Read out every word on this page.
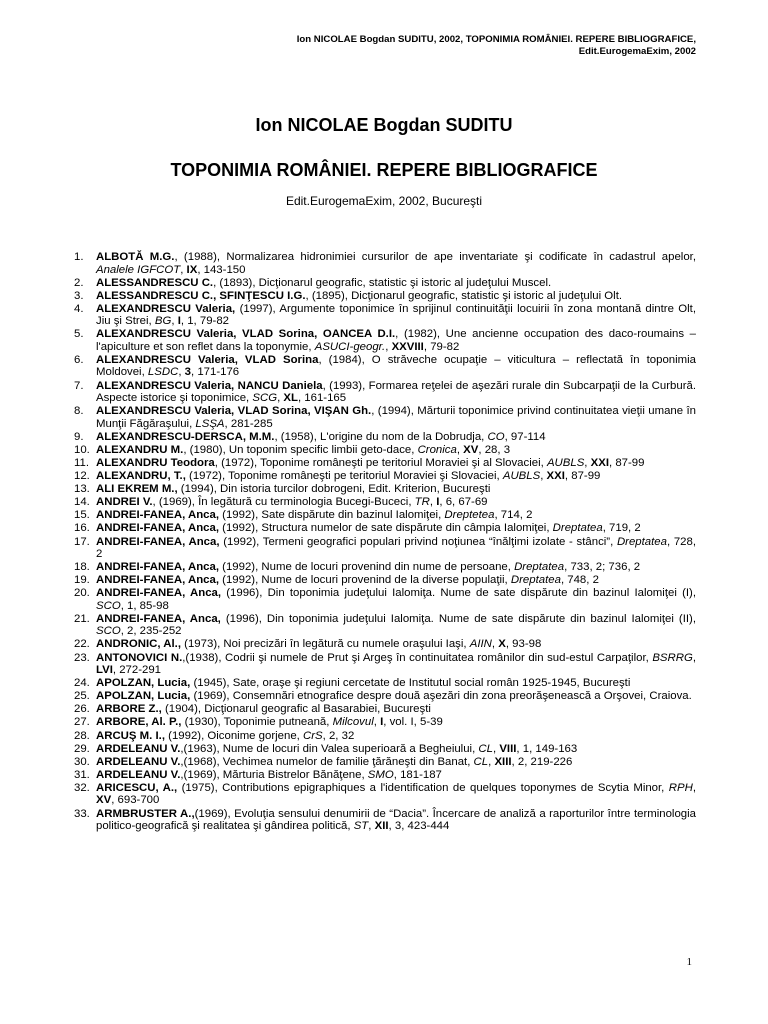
Ion NICOLAE Bogdan SUDITU, 2002, TOPONIMIA ROMÂNIEI. REPERE BIBLIOGRAFICE,
Edit.EurogemaExim, 2002
Ion NICOLAE Bogdan SUDITU
TOPONIMIA ROMÂNIEI. REPERE BIBLIOGRAFICE
Edit.EurogemaExim, 2002, Bucureşti
1. ALBOTĂ M.G., (1988), Normalizarea hidronimiei cursurilor de ape inventariate şi codificate în cadastrul apelor, Analele IGFCOT, IX, 143-150
2. ALESSANDRESCU C., (1893), Dicţionarul geografic, statistic şi istoric al judeţului Muscel.
3. ALESSANDRESCU C., SFINŢESCU I.G., (1895), Dicţionarul geografic, statistic şi istoric al judeţului Olt.
4. ALEXANDRESCU Valeria, (1997), Argumente toponimice în sprijinul continuităţii locuirii în zona montană dintre Olt, Jiu şi Strei, BG, I, 1, 79-82
5. ALEXANDRESCU Valeria, VLAD Sorina, OANCEA D.I., (1982), Une ancienne occupation des daco-roumains – l'apiculture et son reflet dans la toponymie, ASUCI-geogr., XXVIII, 79-82
6. ALEXANDRESCU Valeria, VLAD Sorina, (1984), O străveche ocupaţie – viticultura – reflectată în toponimia Moldovei, LSDC, 3, 171-176
7. ALEXANDRESCU Valeria, NANCU Daniela, (1993), Formarea reţelei de aşezări rurale din Subcarpaţii de la Curbură. Aspecte istorice şi toponimice, SCG, XL, 161-165
8. ALEXANDRESCU Valeria, VLAD Sorina, VIŞAN Gh., (1994), Mărturii toponimice privind continuitatea vieţii umane în Munţii Făgăraşului, LSŞA, 281-285
9. ALEXANDRESCU-DERSCA, M.M., (1958), L'origine du nom de la Dobrudja, CO, 97-114
10. ALEXANDRU M., (1980), Un toponim specific limbii geto-dace, Cronica, XV, 28, 3
11. ALEXANDRU Teodora, (1972), Toponime româneşti pe teritoriul Moraviei şi al Slovaciei, AUBLS, XXI, 87-99
12. ALEXANDRU, T., (1972), Toponime româneşti pe teritoriul Moraviei şi Slovaciei, AUBLS, XXI, 87-99
13. ALI EKREM M., (1994), Din istoria turcilor dobrogeni, Edit. Kriterion, Bucureşti
14. ANDREI V., (1969), În legătură cu terminologia Bucegi-Buceci, TR, I, 6, 67-69
15. ANDREI-FANEA, Anca, (1992), Sate dispărute din bazinul Ialomiţei, Dreptetea, 714, 2
16. ANDREI-FANEA, Anca, (1992), Structura numelor de sate dispărute din câmpia Ialomiţei, Dreptatea, 719, 2
17. ANDREI-FANEA, Anca, (1992), Termeni geografici populari privind noţiunea “înălţimi izolate - stânci”, Dreptatea, 728, 2
18. ANDREI-FANEA, Anca, (1992), Nume de locuri provenind din nume de persoane, Dreptatea, 733, 2; 736, 2
19. ANDREI-FANEA, Anca, (1992), Nume de locuri provenind de la diverse populaţii, Dreptatea, 748, 2
20. ANDREI-FANEA, Anca, (1996), Din toponimia judeţului Ialomiţa. Nume de sate dispărute din bazinul Ialomiţei (I), SCO, 1, 85-98
21. ANDREI-FANEA, Anca, (1996), Din toponimia judeţului Ialomiţa. Nume de sate dispărute din bazinul Ialomiţei (II), SCO, 2, 235-252
22. ANDRONIC, Al., (1973), Noi precizări în legătură cu numele oraşului Iaşi, AIIN, X, 93-98
23. ANTONOVICI N.,(1938), Codrii şi numele de Prut şi Argeş în continuitatea românilor din sud-estul Carpaţilor, BSRRG, LVI, 272-291
24. APOLZAN, Lucia, (1945), Sate, oraşe şi regiuni cercetate de Institutul social român 1925-1945, Bucureşti
25. APOLZAN, Lucia, (1969), Consemnări etnografice despre două aşezări din zona preorăşenească a Orşovei, Craiova.
26. ARBORE Z., (1904), Dicţionarul geografic al Basarabiei, Bucureşti
27. ARBORE, Al. P., (1930), Toponimie putneană, Milcovul, I, vol. I, 5-39
28. ARCUŞ M. I., (1992), Oiconime gorjene, CrS, 2, 32
29. ARDELEANU V.,(1963), Nume de locuri din Valea superioară a Begheiului, CL, VIII, 1, 149-163
30. ARDELEANU V.,(1968), Vechimea numelor de familie ţărăneşti din Banat, CL, XIII, 2, 219-226
31. ARDELEANU V.,(1969), Mărturia Bistrelor Bănăţene, SMO, 181-187
32. ARICESCU, A., (1975), Contributions epigraphiques a l'identification de quelques toponymes de Scytia Minor, RPH, XV, 693-700
33. ARMBRUSTER A.,(1969), Evoluţia sensului denumirii de “Dacia”. Încercare de analiză a raporturilor între terminologia politico-geografică şi realitatea şi gândirea politică, ST, XII, 3, 423-444
1
